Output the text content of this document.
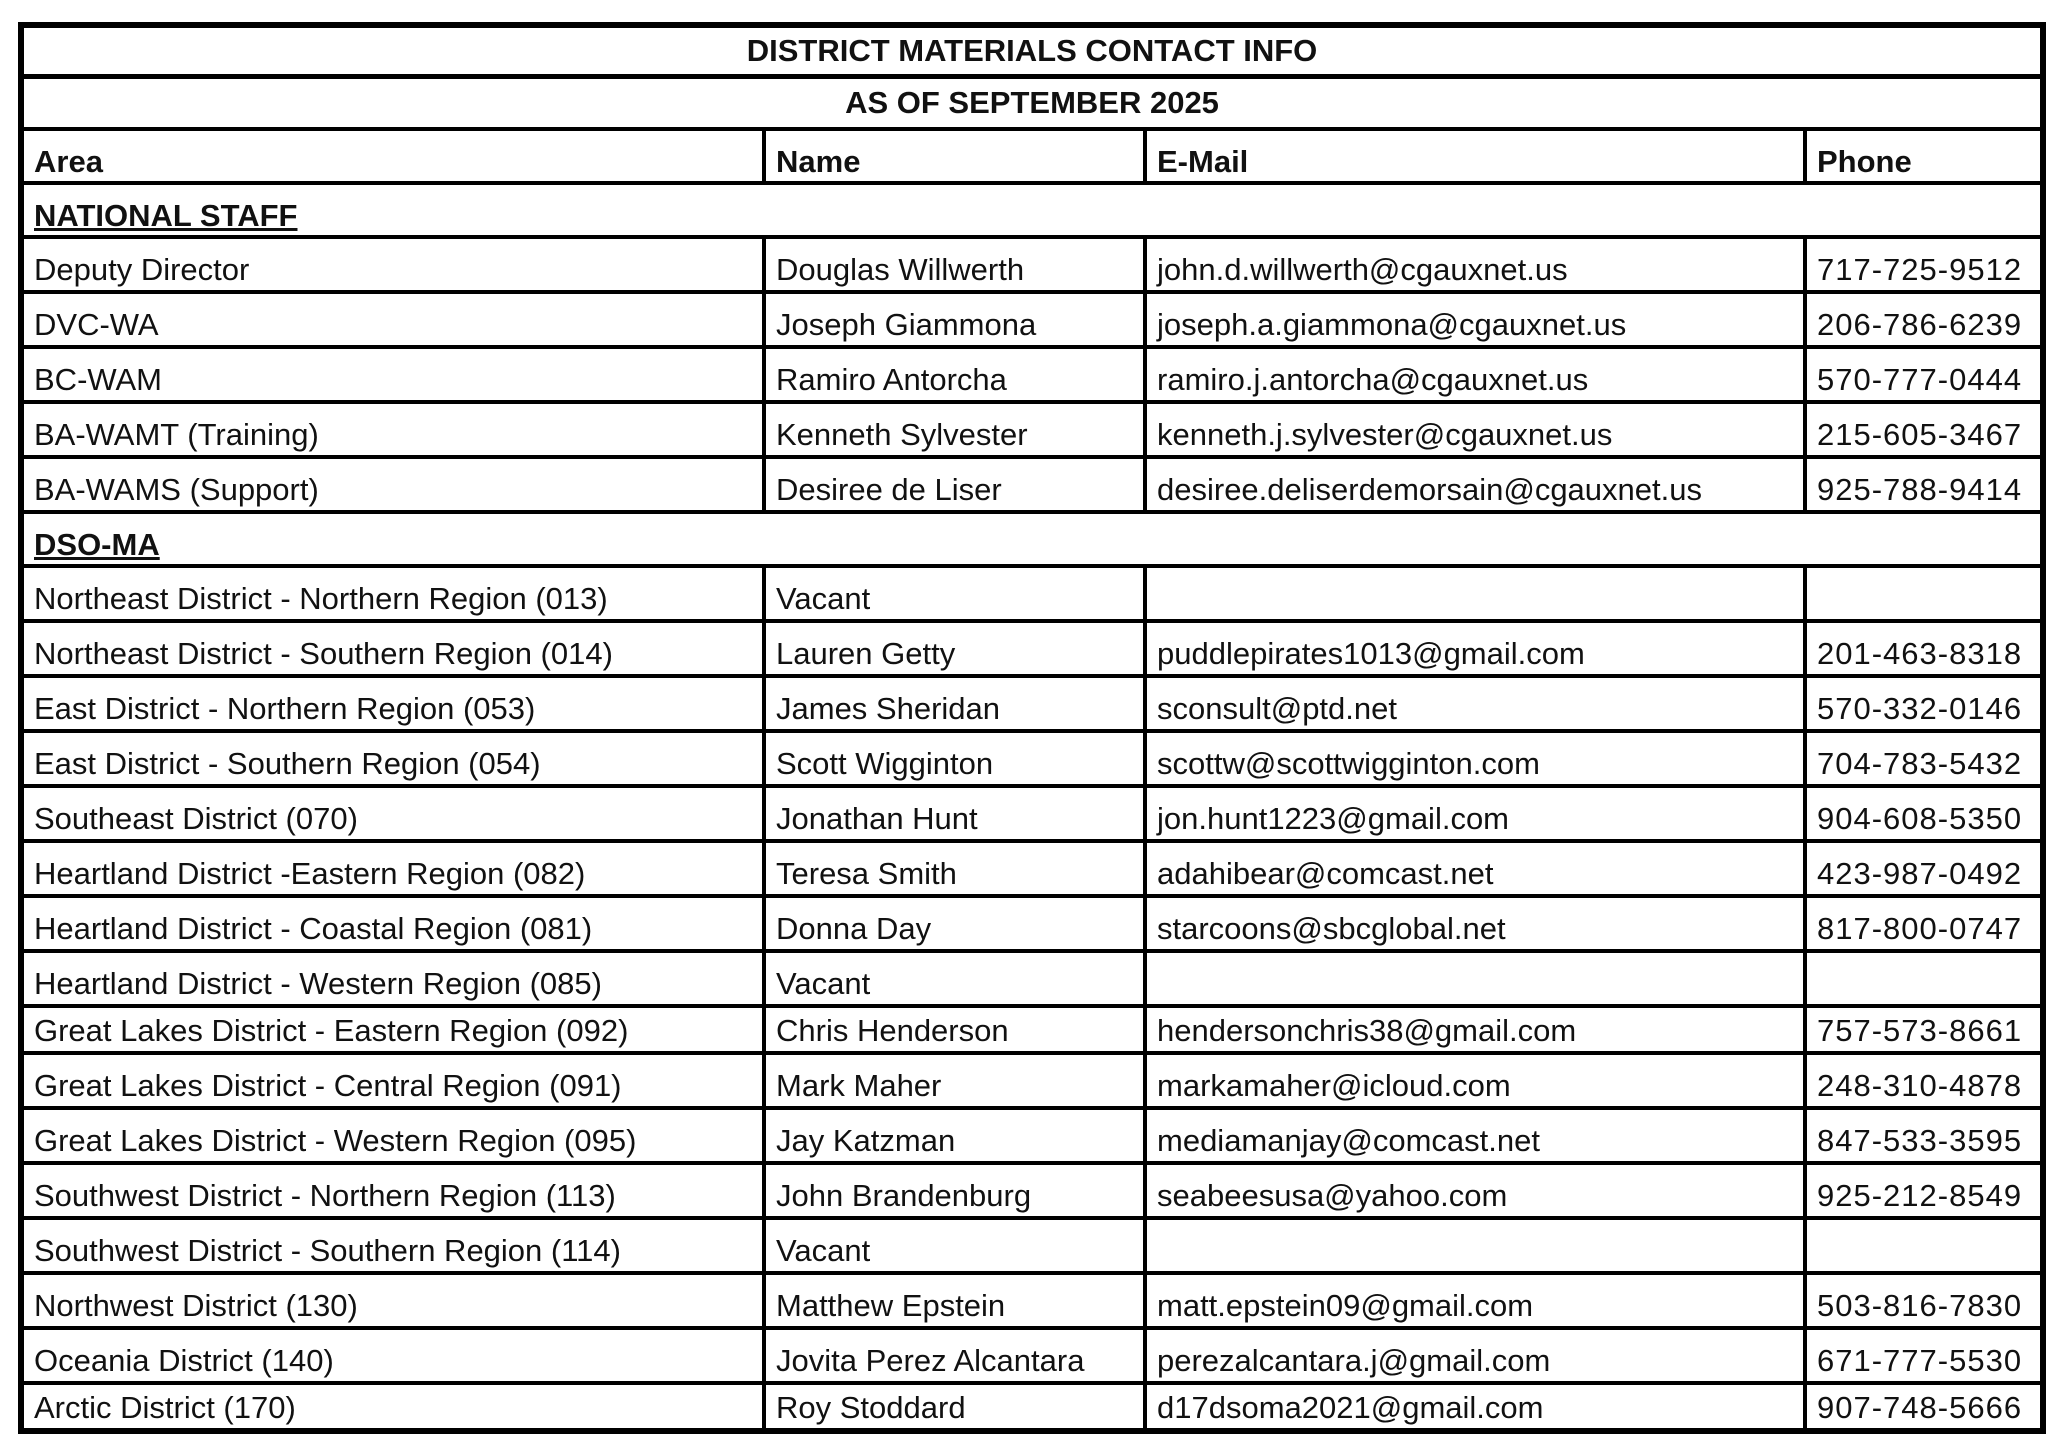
DISTRICT MATERIALS CONTACT INFO			
AS OF SEPTEMBER 2025			
Area	Name	E-Mail	Phone
NATIONAL STAFF			
Deputy Director	Douglas Willwerth	john.d.willwerth@cgauxnet.us	717-725-9512
DVC-WA	Joseph Giammona	joseph.a.giammona@cgauxnet.us	206-786-6239
BC-WAM	Ramiro Antorcha	ramiro.j.antorcha@cgauxnet.us	570-777-0444
BA-WAMT (Training)	Kenneth Sylvester	kenneth.j.sylvester@cgauxnet.us	215-605-3467
BA-WAMS (Support)	Desiree de Liser	desiree.deliserdemorsain@cgauxnet.us	925-788-9414
DSO-MA			
Northeast District - Northern Region (013)	Vacant		
Northeast District - Southern Region (014)	Lauren Getty	puddlepirates1013@gmail.com	201-463-8318
East District - Northern Region (053)	James Sheridan	sconsult@ptd.net	570-332-0146
East District - Southern Region (054)	Scott Wigginton	scottw@scottwigginton.com	704-783-5432
Southeast District (070)	Jonathan Hunt	jon.hunt1223@gmail.com	904-608-5350
Heartland District -Eastern Region (082)	Teresa Smith	adahibear@comcast.net	423-987-0492
Heartland District - Coastal Region (081)	Donna Day	starcoons@sbcglobal.net	817-800-0747
Heartland District - Western Region (085)	Vacant		
Great Lakes District - Eastern Region (092)	Chris Henderson	hendersonchris38@gmail.com	757-573-8661
Great Lakes District - Central Region (091)	Mark Maher	markamaher@icloud.com	248-310-4878
Great Lakes District - Western Region (095)	Jay Katzman	mediamanjay@comcast.net	847-533-3595
Southwest District - Northern Region (113)	John Brandenburg	seabeesusa@yahoo.com	925-212-8549
Southwest District - Southern Region (114)	Vacant		
Northwest District (130)	Matthew Epstein	matt.epstein09@gmail.com	503-816-7830
Oceania District (140)	Jovita Perez Alcantara	perezalcantara.j@gmail.com	671-777-5530
Arctic District (170)	Roy Stoddard	d17dsoma2021@gmail.com	907-748-5666
